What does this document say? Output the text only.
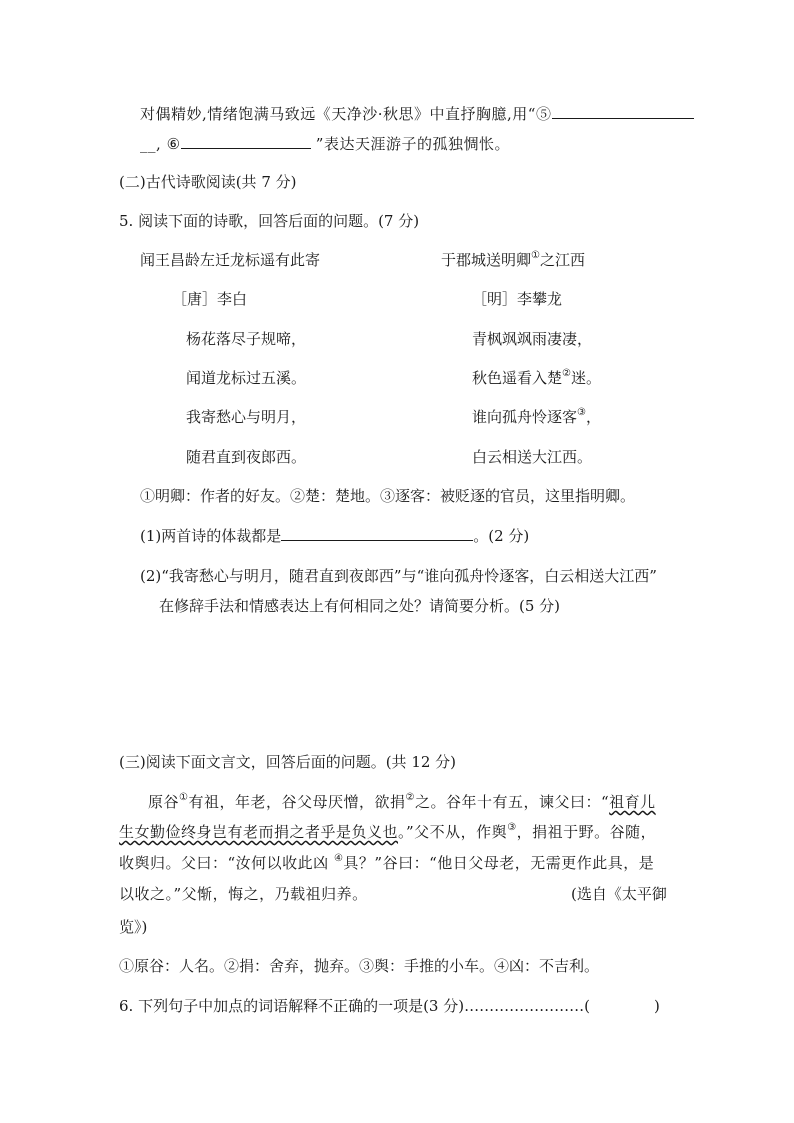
对偶精妙,情绪饱满马致远《天净沙·秋思》中直抒胸臆,用“⑤
__, ⑥	”表达天涯游子的孤独惆怅。
(二)古代诗歌阅读(共 7 分)
5. 阅读下面的诗歌，回答后面的问题。(7 分)
闻王昌龄左迁龙标遥有此寄
［唐］李白
杨花落尽子规啼，
闻道龙标过五溪。
我寄愁心与明月，
随君直到夜郎西。
于郡城送明卿①之江西
［明］李攀龙
青枫飒飒雨凄凄，
秋色遥看入楚②迷。
谁向孤舟怜逐客③，
白云相送大江西。
①明卿：作者的好友。②楚：楚地。③逐客：被贬逐的官员，这里指明卿。
(1)两首诗的体裁都是	。(2 分)
(2)“我寄愁心与明月，随君直到夜郎西”与“谁向孤舟怜逐客，白云相送大江西”
在修辞手法和情感表达上有何相同之处？请简要分析。(5 分)
(三)阅读下面文言文，回答后面的问题。(共 12 分)
原谷①有祖，年老，谷父母厌憎，欲捐②之。谷年十有五，谏父曰：“祖育儿
生女勤俭终身岂有老而捐之者乎是负义也。”父不从，作舆③，捐祖于野。谷随，
收舆归。父曰：“汝何以收此凶 ④具？”谷曰：“他日父母老，无需更作此具，是
以收之。”父惭，悔之，乃载祖归养。	(选自《太平御
览》)
①原谷：人名。②捐：舍弃，抛弃。③舆：手推的小车。④凶：不吉利。
6. 下列句子中加点的词语解释不正确的一项是(3 分)……………………(	)
